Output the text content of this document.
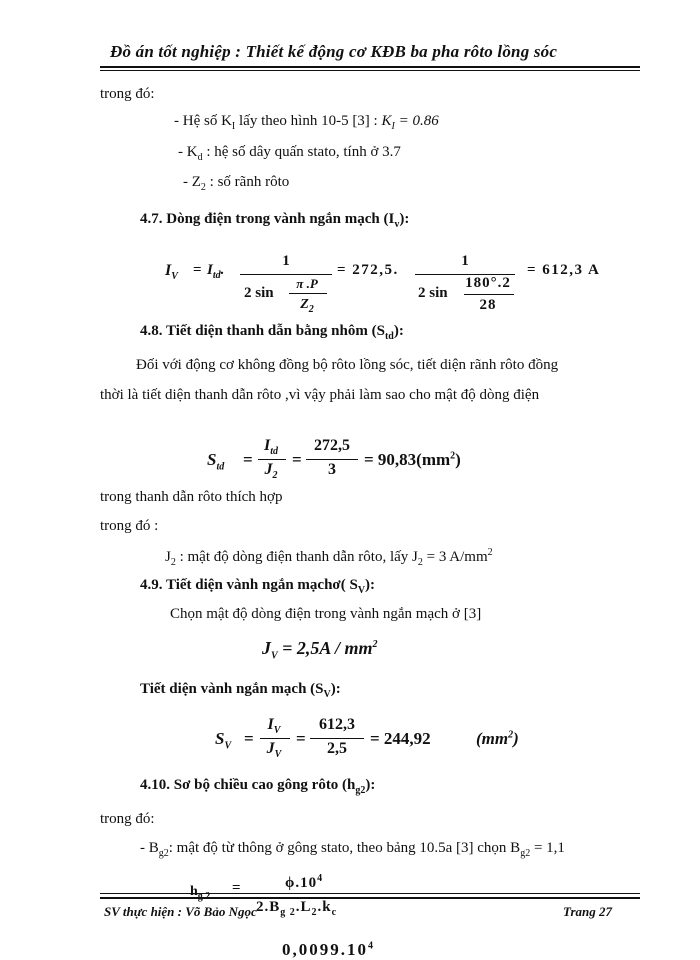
Đồ án tốt nghiệp : Thiết kế động cơ KĐB ba pha rôto lồng sóc
trong đó:
- Hệ số $K_I$ lấy theo hình 10-5 [3] : $K_I = 0.86$
- $K_d$ : hệ số dây quấn stato, tính ở 3.7
- $Z_2$ : số rãnh rôto
4.7. Dòng điện trong vành ngắn mạch $(I_v)$:
$I_V = I_{td}$.
1
2 sin
π .P
$Z_2$
= 272,5.
1
2 sin
180°.2
28
= 612,3 A
4.8. Tiết diện thanh dẫn bằng nhôm $(S_{td})$:
Đối với động cơ không đồng bộ rôto lồng sóc, tiết diện rãnh rôto đồng
thời là tiết diện thanh dẫn rôto ,vì vậy phải làm sao cho mật độ dòng điện
$S_{td}$ =
$I_{td}$
$J_2$
=
272,5
3
= $90,83(mm^2)$
trong thanh dẫn rôto thích hợp
trong đó :
$J_2$ : mật độ dòng điện thanh dẫn rôto, lấy $J_2 = 3$ $A/mm^2$
4.9. Tiết diện vành ngắn mạchơ( $S_V$):
Chọn mật độ dòng điện trong vành ngắn mạch ở [3]
$J_V = 2,5A / mm^2$
Tiết diện vành ngắn mạch $(S_V)$:
$S_V$ =
$I_V$
$J_V$
=
612,3
2,5
= 244,92	$(mm^2)$
4.10. Sơ bộ chiều cao gông rôto $(h_{g2})$:
trong đó:
- $B_{g2}$: mật độ từ thông ở gông stato, theo bảng 10.5a [3] chọn $B_{g2} = 1,1$
$h_{g 2}$
=	$\phi.10^4$
$2.B_{g 2}.L_2.k_c$
SV thực hiện : Võ Bảo Ngọc	Trang 27
0,0099.10$^4$
